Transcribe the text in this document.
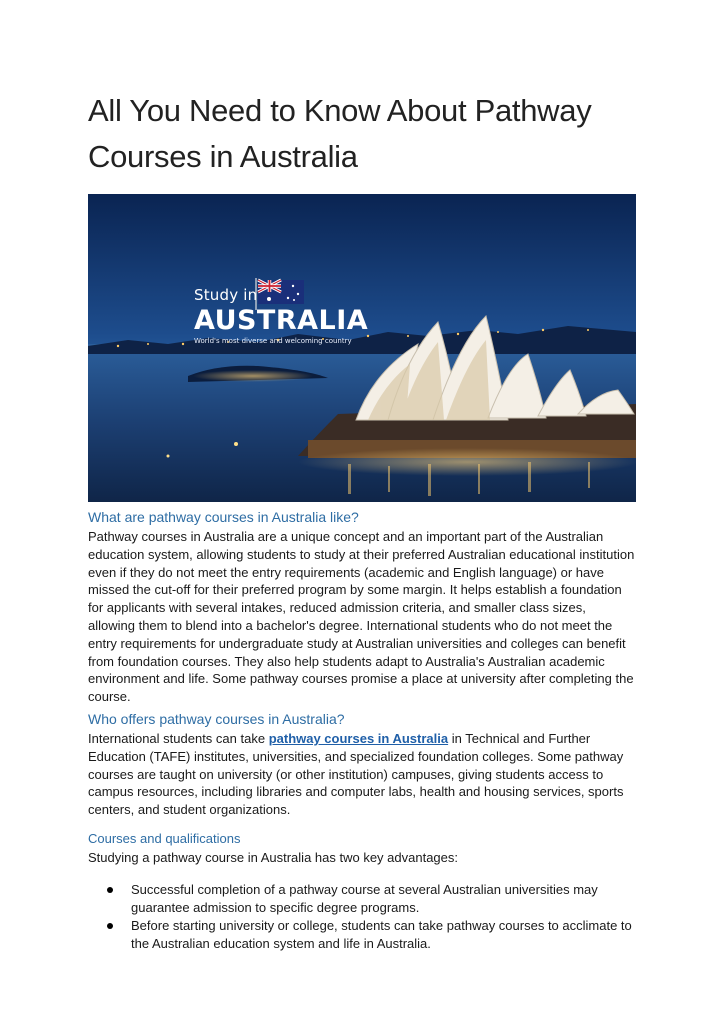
All You Need to Know About Pathway Courses in Australia
Study in
AUSTRALIA
World's most diverse and welcoming country
What are pathway courses in Australia like?

Pathway courses in Australia are a unique concept and an important part of the Australian education system, allowing students to study at their preferred Australian educational institution even if they do not meet the entry requirements (academic and English language) or have missed the cut-off for their preferred program by some margin. It helps establish a foundation for applicants with several intakes, reduced admission criteria, and smaller class sizes, allowing them to blend into a bachelor's degree. International students who do not meet the entry requirements for undergraduate study at Australian universities and colleges can benefit from foundation courses. They also help students adapt to Australia's Australian academic environment and life. Some pathway courses promise a place at university after completing the course.

Who offers pathway courses in Australia?

International students can take pathway courses in Australia in Technical and Further Education (TAFE) institutes, universities, and specialized foundation colleges. Some pathway courses are taught on university (or other institution) campuses, giving students access to campus resources, including libraries and computer labs, health and housing services, sports centers, and student organizations.

Courses and qualifications

Studying a pathway course in Australia has two key advantages:

Successful completion of a pathway course at several Australian universities may guarantee admission to specific degree programs.
Before starting university or college, students can take pathway courses to acclimate to the Australian education system and life in Australia.
